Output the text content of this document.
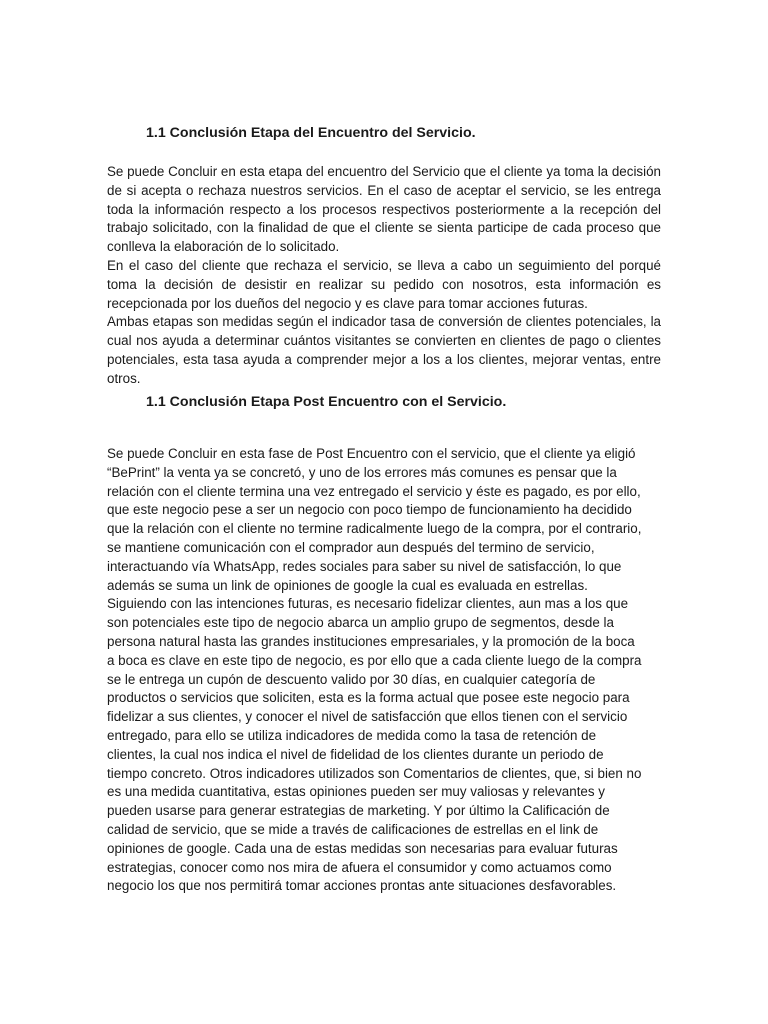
1.1 Conclusión Etapa del Encuentro del Servicio.

Se puede Concluir en esta etapa del encuentro del Servicio que el cliente ya toma la decisión de si acepta o rechaza nuestros servicios. En el caso de aceptar el servicio, se les entrega toda la información respecto a los procesos respectivos posteriormente a la recepción del trabajo solicitado, con la finalidad de que el cliente se sienta participe de cada proceso que conlleva la elaboración de lo solicitado.

En el caso del cliente que rechaza el servicio, se lleva a cabo un seguimiento del porqué toma la decisión de desistir en realizar su pedido con nosotros, esta información es recepcionada por los dueños del negocio y es clave para tomar acciones futuras.

Ambas etapas son medidas según el indicador tasa de conversión de clientes potenciales, la cual nos ayuda a determinar cuántos visitantes se convierten en clientes de pago o clientes potenciales, esta tasa ayuda a comprender mejor a los a los clientes, mejorar ventas, entre otros.

1.1 Conclusión Etapa Post Encuentro con el Servicio.
Se puede Concluir en esta fase de Post Encuentro con el servicio, que el cliente ya eligió
“BePrint” la venta ya se concretó, y uno de los errores más comunes es pensar que la
relación con el cliente termina una vez entregado el servicio y éste es pagado, es por ello,
que este negocio pese a ser un negocio con poco tiempo de funcionamiento ha decidido
que la relación con el cliente no termine radicalmente luego de la compra, por el contrario,
se mantiene comunicación con el comprador aun después del termino de servicio,
interactuando vía WhatsApp, redes sociales para saber su nivel de satisfacción, lo que
además se suma un link de opiniones de google la cual es evaluada en estrellas.
Siguiendo con las intenciones futuras, es necesario fidelizar clientes, aun mas a los que
son potenciales este tipo de negocio abarca un amplio grupo de segmentos, desde la
persona natural hasta las grandes instituciones empresariales, y la promoción de la boca
a boca es clave en este tipo de negocio, es por ello que a cada cliente luego de la compra
se le entrega un cupón de descuento valido por 30 días, en cualquier categoría de
productos o servicios que soliciten, esta es la forma actual que posee este negocio para
fidelizar a sus clientes, y conocer el nivel de satisfacción que ellos tienen con el servicio
entregado, para ello se utiliza indicadores de medida como la tasa de retención de
clientes, la cual nos indica el nivel de fidelidad de los clientes durante un periodo de
tiempo concreto. Otros indicadores utilizados son Comentarios de clientes, que, si bien no
es una medida cuantitativa, estas opiniones pueden ser muy valiosas y relevantes y
pueden usarse para generar estrategias de marketing. Y por último la Calificación de
calidad de servicio, que se mide a través de calificaciones de estrellas en el link de
opiniones de google. Cada una de estas medidas son necesarias para evaluar futuras
estrategias, conocer como nos mira de afuera el consumidor y como actuamos como
negocio los que nos permitirá tomar acciones prontas ante situaciones desfavorables.
